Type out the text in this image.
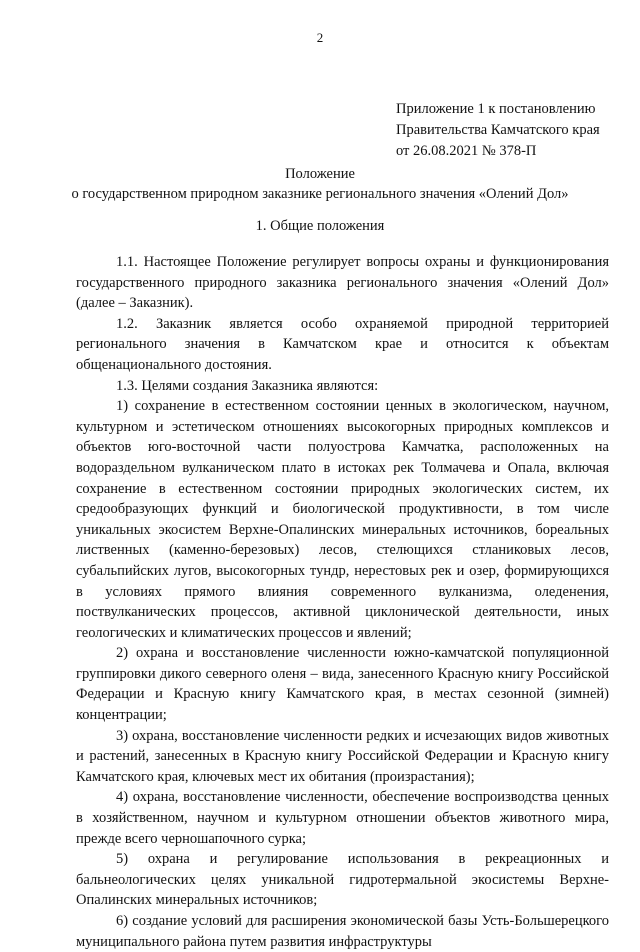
2
Приложение 1 к постановлению
Правительства Камчатского края
от 26.08.2021 № 378-П
Положение
о государственном природном заказнике регионального значения «Олений Дол»
1. Общие положения

1.1. Настоящее Положение регулирует вопросы охраны и функционирования государственного природного заказника регионального значения «Олений Дол» (далее – Заказник).

1.2. Заказник является особо охраняемой природной территорией регионального значения в Камчатском крае и относится к объектам общенационального достояния.

1.3. Целями создания Заказника являются:

1) сохранение в естественном состоянии ценных в экологическом, научном, культурном и эстетическом отношениях высокогорных природных комплексов и объектов юго-восточной части полуострова Камчатка, расположенных на водораздельном вулканическом плато в истоках рек Толмачева и Опала, включая сохранение в естественном состоянии природных экологических систем, их средообразующих функций и биологической продуктивности, в том числе уникальных экосистем Верхне-Опалинских минеральных источников, бореальных лиственных (каменно-березовых) лесов, стелющихся стланиковых лесов, субальпийских лугов, высокогорных тундр, нерестовых рек и озер, формирующихся в условиях прямого влияния современного вулканизма, оледенения, поствулканических процессов, активной циклонической деятельности, иных геологических и климатических процессов и явлений;

2) охрана и восстановление численности южно-камчатской популяционной группировки дикого северного оленя – вида, занесенного Красную книгу Российской Федерации и Красную книгу Камчатского края, в местах сезонной (зимней) концентрации;

3) охрана, восстановление численности редких и исчезающих видов животных и растений, занесенных в Красную книгу Российской Федерации и Красную книгу Камчатского края, ключевых мест их обитания (произрастания);

4) охрана, восстановление численности, обеспечение воспроизводства ценных в хозяйственном, научном и культурном отношении объектов животного мира, прежде всего черношапочного сурка;

5) охрана и регулирование использования в рекреационных и бальнеологических целях уникальной гидротермальной экосистемы Верхне-Опалинских минеральных источников;

6) создание условий для расширения экономической базы Усть-Большерецкого муниципального района путем развития инфраструктуры
